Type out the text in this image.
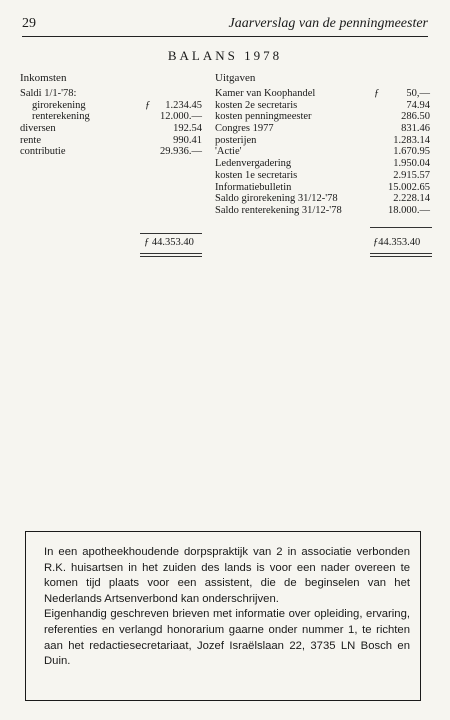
29	Jaarverslag van de penningmeester
BALANS 1978
Inkomsten	Uitgaven
Saldi 1/1-'78:
girorekening	ƒ 1.234.45
renterekening	12.000.—
diversen	192.54
rente	990.41
contributie	29.936.—
Kamer van Koophandel	ƒ	50,—
kosten 2e secretaris	74.94
kosten penningmeester	286.50
Congres 1977	831.46
posterijen	1.283.14
'Actie'	1.670.95
Ledenvergadering	1.950.04
kosten 1e secretaris	2.915.57
Informatiebulletin	15.002.65
Saldo girorekening 31/12-'78	2.228.14
Saldo renterekening 31/12-'78	18.000.—
ƒ 44.353.40	ƒ44.353.40

In een apotheekhoudende dorpspraktijk van 2 in associatie verbonden R.K. huisartsen in het zuiden des lands is voor een nader overeen te komen tijd plaats voor een assistent, die de beginselen van het Nederlands Artsenverbond kan onderschrijven.
Eigenhandig geschreven brieven met informatie over opleiding, ervaring, referenties en verlangd honorarium gaarne onder nummer 1, te richten aan het redactiesecretariaat, Jozef Israëlslaan 22, 3735 LN Bosch en Duin.
